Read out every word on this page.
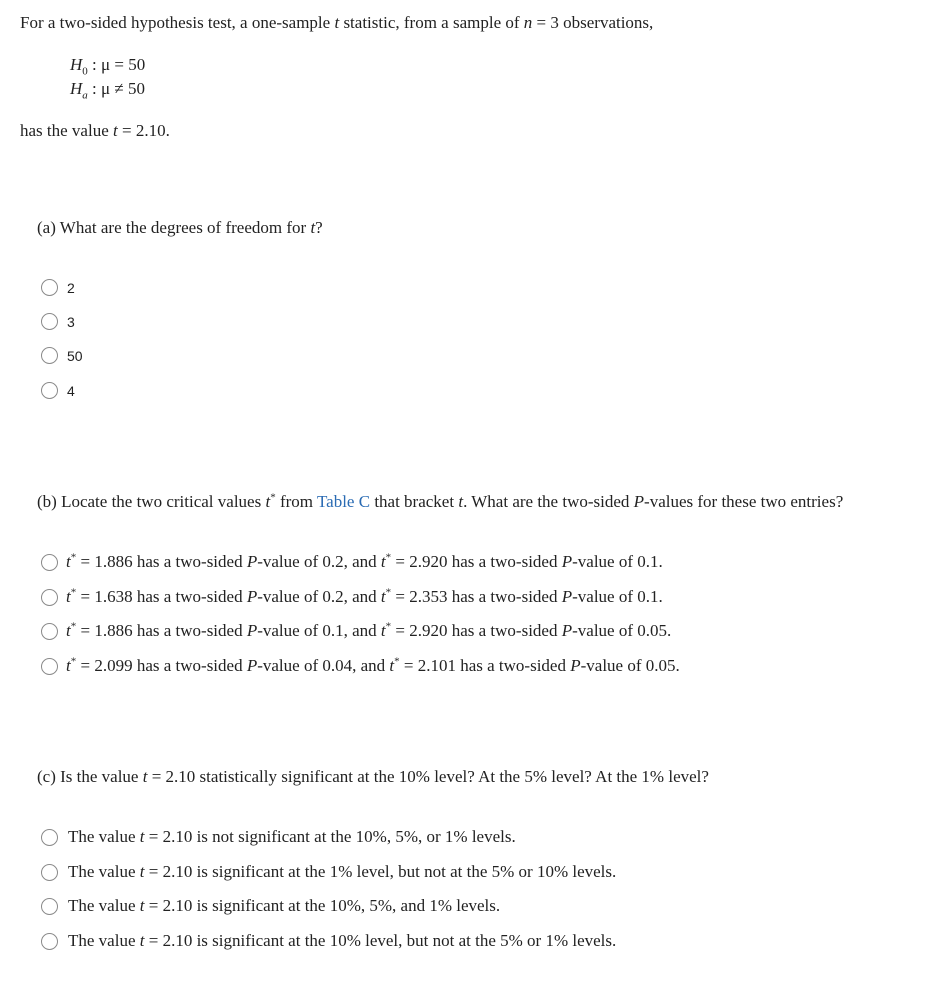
For a two-sided hypothesis test, a one-sample t statistic, from a sample of n = 3 observations,
$H_0$ : μ = 50
$H_a$ : μ ≠ 50
has the value t = 2.10.
(a) What are the degrees of freedom for t?
2
3
50
4
(b) Locate the two critical values t* from Table C that bracket t. What are the two-sided P-values for these two entries?
t* = 1.886 has a two-sided P-value of 0.2, and t* = 2.920 has a two-sided P-value of 0.1.
t* = 1.638 has a two-sided P-value of 0.2, and t* = 2.353 has a two-sided P-value of 0.1.
t* = 1.886 has a two-sided P-value of 0.1, and t* = 2.920 has a two-sided P-value of 0.05.
t* = 2.099 has a two-sided P-value of 0.04, and t* = 2.101 has a two-sided P-value of 0.05.
(c) Is the value t = 2.10 statistically significant at the 10% level? At the 5% level? At the 1% level?
The value t = 2.10 is not significant at the 10%, 5%, or 1% levels.
The value t = 2.10 is significant at the 1% level, but not at the 5% or 10% levels.
The value t = 2.10 is significant at the 10%, 5%, and 1% levels.
The value t = 2.10 is significant at the 10% level, but not at the 5% or 1% levels.
